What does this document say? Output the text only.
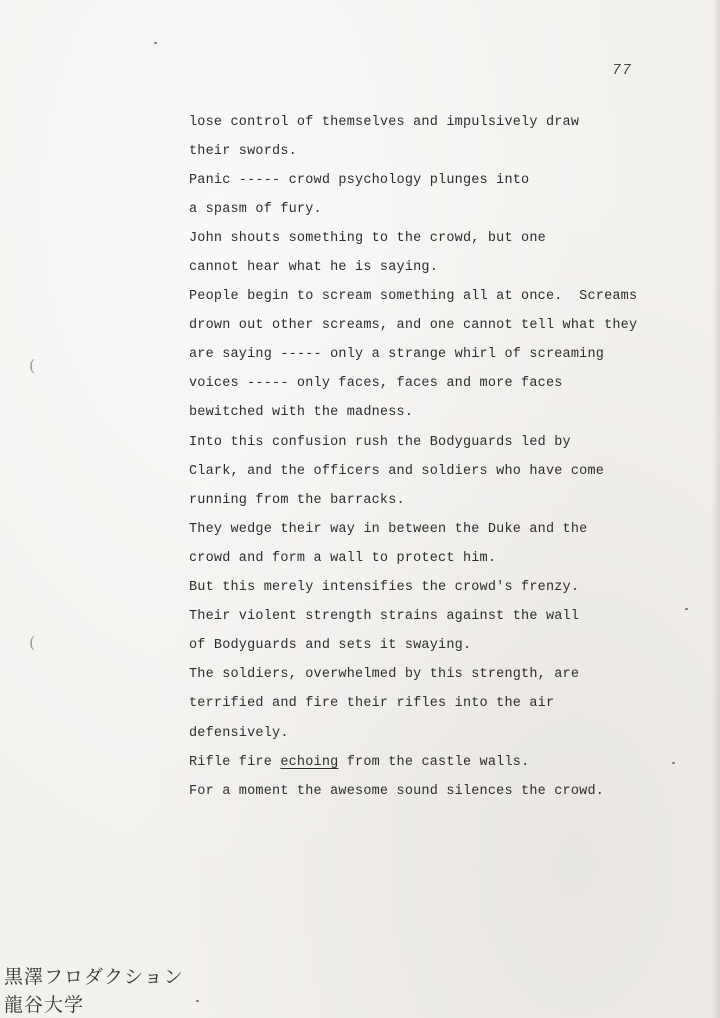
77
lose control of themselves and impulsively draw
their swords.
Panic ----- crowd psychology plunges into
a spasm of fury.
John shouts something to the crowd, but one
cannot hear what he is saying.
People begin to scream something all at once.  Screams
drown out other screams, and one cannot tell what they
are saying ----- only a strange whirl of screaming
voices ----- only faces, faces and more faces
bewitched with the madness.
Into this confusion rush the Bodyguards led by
Clark, and the officers and soldiers who have come
running from the barracks.
They wedge their way in between the Duke and the
crowd and form a wall to protect him.
But this merely intensifies the crowd's frenzy.
Their violent strength strains against the wall
of Bodyguards and sets it swaying.
The soldiers, overwhelmed by this strength, are
terrified and fire their rifles into the air
defensively.
Rifle fire echoing from the castle walls.
For a moment the awesome sound silences the crowd.
(
(
黒澤フロダクション
龍谷大学
